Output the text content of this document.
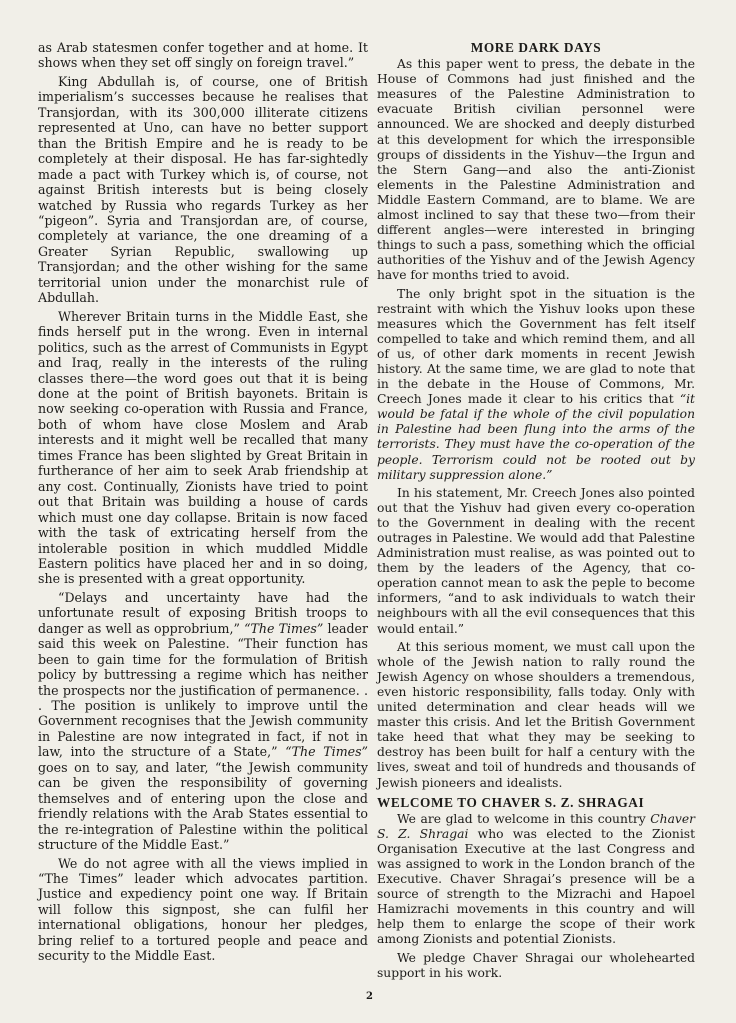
as Arab statesmen confer together and at home. It shows when they set off singly on foreign travel.”

King Abdullah is, of course, one of British imperialism’s successes because he realises that Transjordan, with its 300,000 illiterate citizens represented at Uno, can have no better support than the British Empire and he is ready to be completely at their disposal. He has far-sightedly made a pact with Turkey which is, of course, not against British interests but is being closely watched by Russia who regards Turkey as her “pigeon”. Syria and Transjordan are, of course, completely at variance, the one dreaming of a Greater Syrian Republic, swallowing up Transjordan; and the other wishing for the same territorial union under the monarchist rule of Abdullah.

Wherever Britain turns in the Middle East, she finds herself put in the wrong. Even in internal politics, such as the arrest of Communists in Egypt and Iraq, really in the interests of the ruling classes there—the word goes out that it is being done at the point of British bayonets. Britain is now seeking co-operation with Russia and France, both of whom have close Moslem and Arab interests and it might well be recalled that many times France has been slighted by Great Britain in furtherance of her aim to seek Arab friendship at any cost. Continually, Zionists have tried to point out that Britain was building a house of cards which must one day collapse. Britain is now faced with the task of extricating herself from the intolerable position in which muddled Middle Eastern politics have placed her and in so doing, she is presented with a great opportunity.

“Delays and uncertainty have had the unfortunate result of exposing British troops to danger as well as opprobrium,” “The Times” leader said this week on Palestine. “Their function has been to gain time for the formulation of British policy by buttressing a regime which has neither the prospects nor the justification of permanence. . . The position is unlikely to improve until the Government recognises that the Jewish community in Palestine are now integrated in fact, if not in law, into the structure of a State,” “The Times” goes on to say, and later, “the Jewish community can be given the responsibility of governing themselves and of entering upon the close and friendly relations with the Arab States essential to the re-integration of Palestine within the political structure of the Middle East.”

We do not agree with all the views implied in “The Times” leader which advocates partition. Justice and expediency point one way. If Britain will follow this signpost, she can fulfil her international obligations, honour her pledges, bring relief to a tortured people and peace and security to the Middle East.

MORE DARK DAYS

As this paper went to press, the debate in the House of Commons had just finished and the measures of the Palestine Administration to evacuate British civilian personnel were announced. We are shocked and deeply disturbed at this development for which the irresponsible groups of dissidents in the Yishuv—the Irgun and the Stern Gang—and also the anti-Zionist elements in the Palestine Administration and Middle Eastern Command, are to blame. We are almost inclined to say that these two—from their different angles—were interested in bringing things to such a pass, something which the official authorities of the Yishuv and of the Jewish Agency have for months tried to avoid.

The only bright spot in the situation is the restraint with which the Yishuv looks upon these measures which the Government has felt itself compelled to take and which remind them, and all of us, of other dark moments in recent Jewish history. At the same time, we are glad to note that in the debate in the House of Commons, Mr. Creech Jones made it clear to his critics that “it would be fatal if the whole of the civil population in Palestine had been flung into the arms of the terrorists. They must have the co-operation of the people. Terrorism could not be rooted out by military suppression alone.”

In his statement, Mr. Creech Jones also pointed out that the Yishuv had given every co-operation to the Government in dealing with the recent outrages in Palestine. We would add that Palestine Administration must realise, as was pointed out to them by the leaders of the Agency, that co-operation cannot mean to ask the peple to become informers, “and to ask individuals to watch their neighbours with all the evil consequences that this would entail.”

At this serious moment, we must call upon the whole of the Jewish nation to rally round the Jewish Agency on whose shoulders a tremendous, even historic responsibility, falls today. Only with united determination and clear heads will we master this crisis. And let the British Government take heed that what they may be seeking to destroy has been built for half a century with the lives, sweat and toil of hundreds and thousands of Jewish pioneers and idealists.

WELCOME TO CHAVER S. Z. SHRAGAI

We are glad to welcome in this country Chaver S. Z. Shragai who was elected to the Zionist Organisation Executive at the last Congress and was assigned to work in the London branch of the Executive. Chaver Shragai’s presence will be a source of strength to the Mizrachi and Hapoel Hamizrachi movements in this country and will help them to enlarge the scope of their work among Zionists and potential Zionists.

We pledge Chaver Shragai our wholehearted support in his work.

2
